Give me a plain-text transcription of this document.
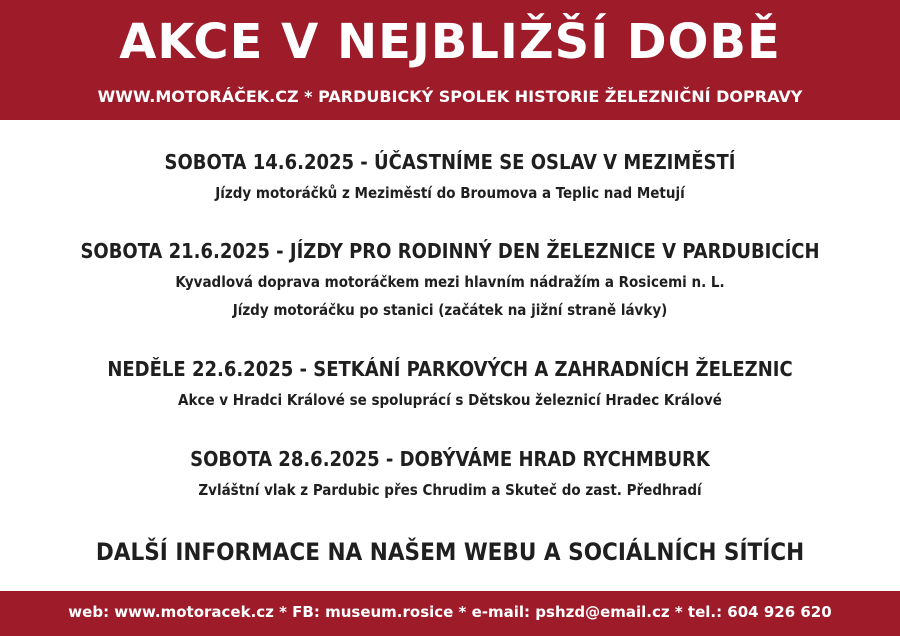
AKCE V NEJBLIŽŠÍ DOBĚ
WWW.MOTORÁČEK.CZ * PARDUBICKÝ SPOLEK HISTORIE ŽELEZNIČNÍ DOPRAVY
SOBOTA 14.6.2025 - ÚČASTNÍME SE OSLAV V MEZIMĚSTÍ
Jízdy motoráčků z Meziměstí do Broumova a Teplic nad Metují
SOBOTA 21.6.2025 - JÍZDY PRO RODINNÝ DEN ŽELEZNICE V PARDUBICÍCH
Kyvadlová doprava motoráčkem mezi hlavním nádražím a Rosicemi n. L.
Jízdy motoráčku po stanici (začátek na jižní straně lávky)
NEDĚLE 22.6.2025 - SETKÁNÍ PARKOVÝCH A ZAHRADNÍCH ŽELEZNIC
Akce v Hradci Králové se spoluprácí s Dětskou železnicí Hradec Králové
SOBOTA 28.6.2025 - DOBÝVÁME HRAD RYCHMBURK
Zvláštní vlak z Pardubic přes Chrudim a Skuteč do zast. Předhradí
DALŠÍ INFORMACE NA NAŠEM WEBU A SOCIÁLNÍCH SÍTÍCH
web: www.motoracek.cz * FB: museum.rosice * e-mail: pshzd@email.cz * tel.: 604 926 620
